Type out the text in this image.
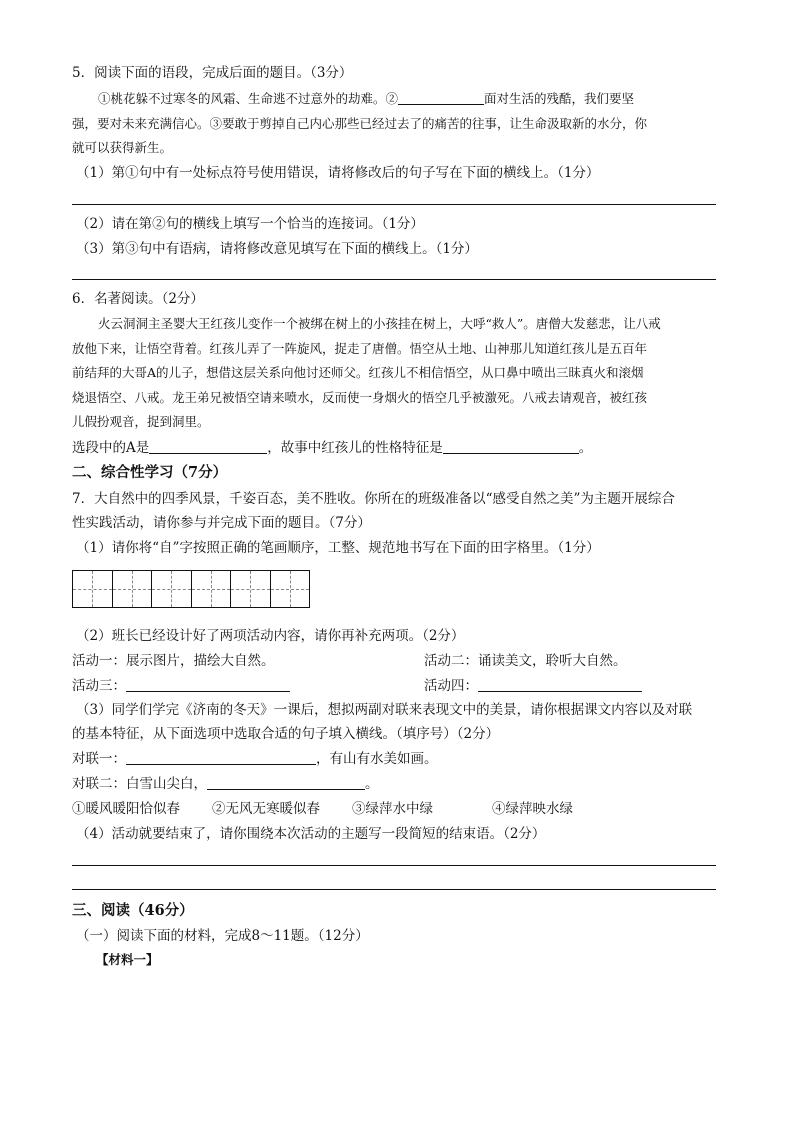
5．阅读下面的语段，完成后面的题目。（3分）
①桃花躲不过寒冬的风霜、生命逃不过意外的劫难。②	面对生活的残酷，我们要坚
强，要对未来充满信心。③要敢于剪掉自己内心那些已经过去了的痛苦的往事，让生命汲取新的水分，你
就可以获得新生。
（1）第①句中有一处标点符号使用错误，请将修改后的句子写在下面的横线上。（1分）
（2）请在第②句的横线上填写一个恰当的连接词。（1分）
（3）第③句中有语病，请将修改意见填写在下面的横线上。（1分）
6．名著阅读。（2分）
火云洞洞主圣婴大王红孩儿变作一个被绑在树上的小孩挂在树上，大呼“救人”。唐僧大发慈悲，让八戒
放他下来，让悟空背着。红孩儿弄了一阵旋风，捉走了唐僧。悟空从土地、山神那儿知道红孩儿是五百年
前结拜的大哥A的儿子，想借这层关系向他讨还师父。红孩儿不相信悟空，从口鼻中喷出三昧真火和滚烟
烧退悟空、八戒。龙王弟兄被悟空请来喷水，反而使一身烟火的悟空几乎被激死。八戒去请观音，被红孩
儿假扮观音，捉到洞里。
选段中的A是	，故事中红孩儿的性格特征是	。
二、综合性学习（7分）
7．大自然中的四季风景，千姿百态，美不胜收。你所在的班级准备以“感受自然之美”为主题开展综合
性实践活动，请你参与并完成下面的题目。（7分）
（1）请你将“自”字按照正确的笔画顺序，工整、规范地书写在下面的田字格里。（1分）
（2）班长已经设计好了两项活动内容，请你再补充两项。（2分）
活动一：展示图片，描绘大自然。	活动二：诵读美文，聆听大自然。
活动三：	活动四：
（3）同学们学完《济南的冬天》一课后，想拟两副对联来表现文中的美景，请你根据课文内容以及对联
的基本特征，从下面选项中选取合适的句子填入横线。（填序号）（2分）
对联一：	，有山有水美如画。
对联二：白雪山尖白，	。
①暖风暖阳恰似春 ②无风无寒暖似春 ③绿萍水中绿	④绿萍映水绿
（4）活动就要结束了，请你围绕本次活动的主题写一段简短的结束语。（2分）
三、阅读（46分）
（一）阅读下面的材料，完成8～11题。（12分）
【材料一】
